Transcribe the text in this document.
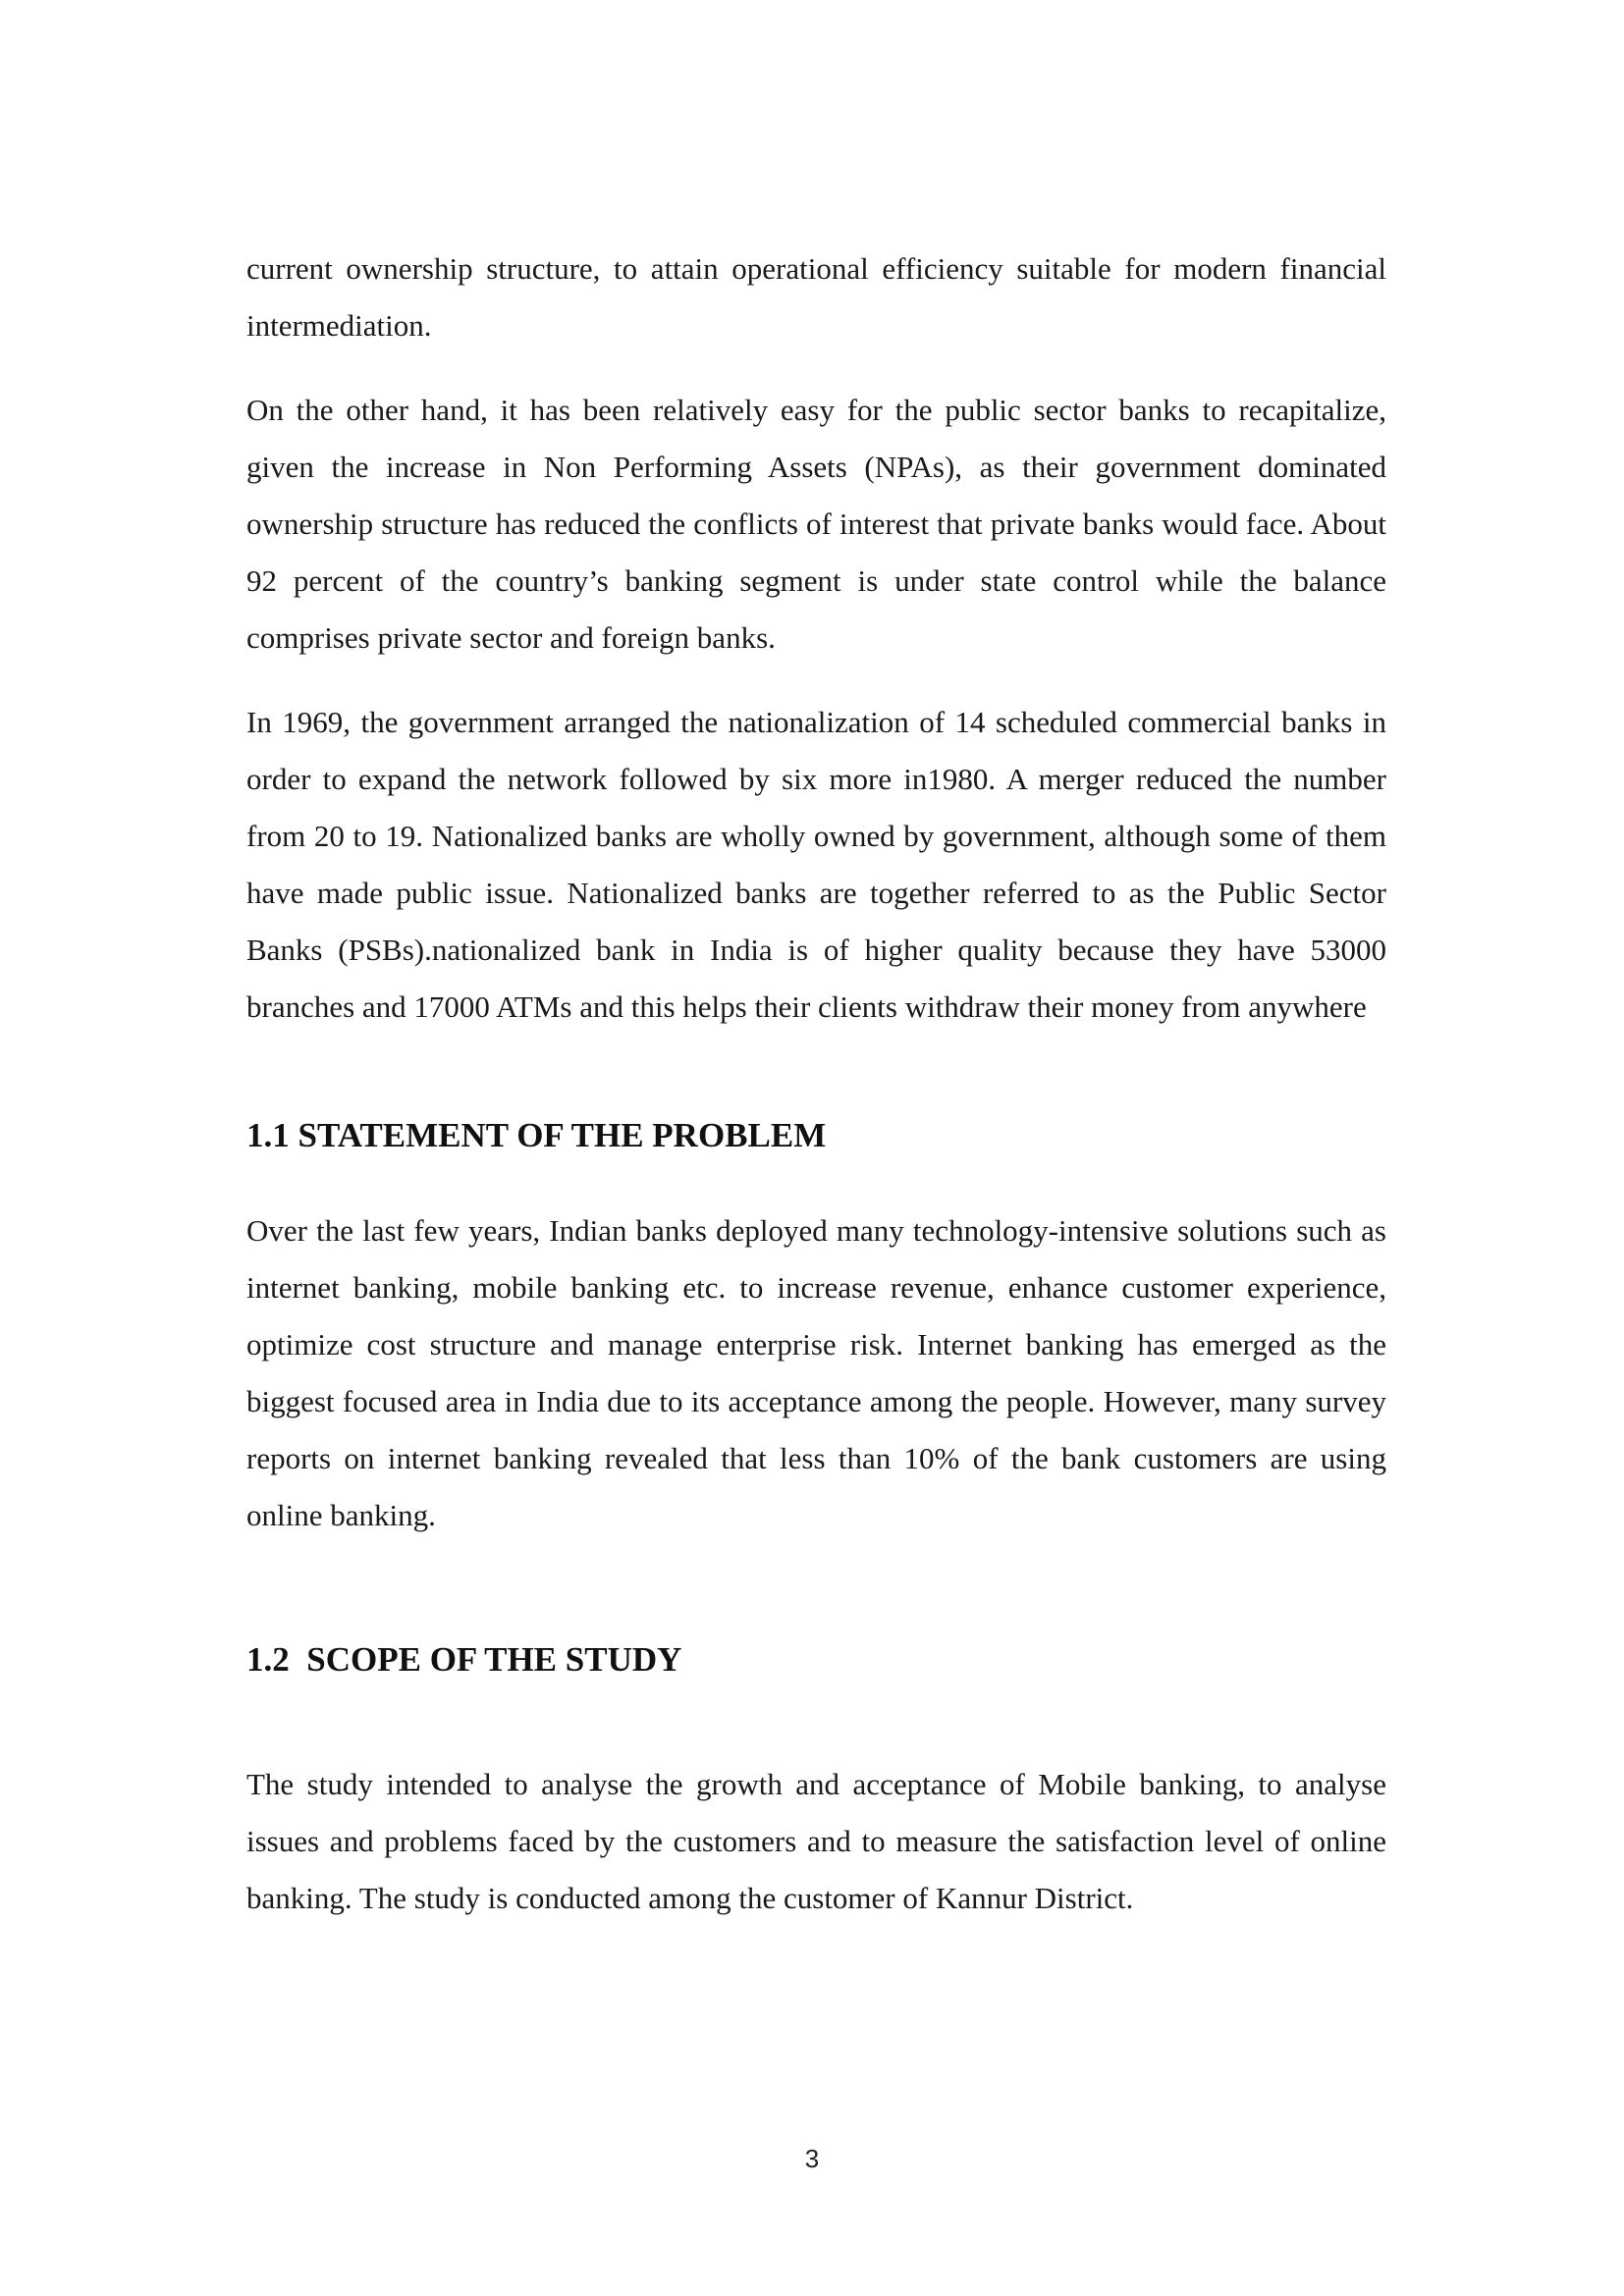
current ownership structure, to attain operational efficiency suitable for modern financial intermediation.

On the other hand, it has been relatively easy for the public sector banks to recapitalize, given the increase in Non Performing Assets (NPAs), as their government dominated ownership structure has reduced the conflicts of interest that private banks would face. About 92 percent of the country’s banking segment is under state control while the balance comprises private sector and foreign banks.

In 1969, the government arranged the nationalization of 14 scheduled commercial banks in order to expand the network followed by six more in1980. A merger reduced the number from 20 to 19. Nationalized banks are wholly owned by government, although some of them have made public issue. Nationalized banks are together referred to as the Public Sector Banks (PSBs).nationalized bank in India is of higher quality because they have 53000 branches and 17000 ATMs and this helps their clients withdraw their money from anywhere

1.1 STATEMENT OF THE PROBLEM

Over the last few years, Indian banks deployed many technology-intensive solutions such as internet banking, mobile banking etc. to increase revenue, enhance customer experience, optimize cost structure and manage enterprise risk. Internet banking has emerged as the biggest focused area in India due to its acceptance among the people. However, many survey reports on internet banking revealed that less than 10% of the bank customers are using online banking.

1.2  SCOPE OF THE STUDY

The study intended to analyse the growth and acceptance of Mobile banking, to analyse issues and problems faced by the customers and to measure the satisfaction level of online banking. The study is conducted among the customer of Kannur District.

3
